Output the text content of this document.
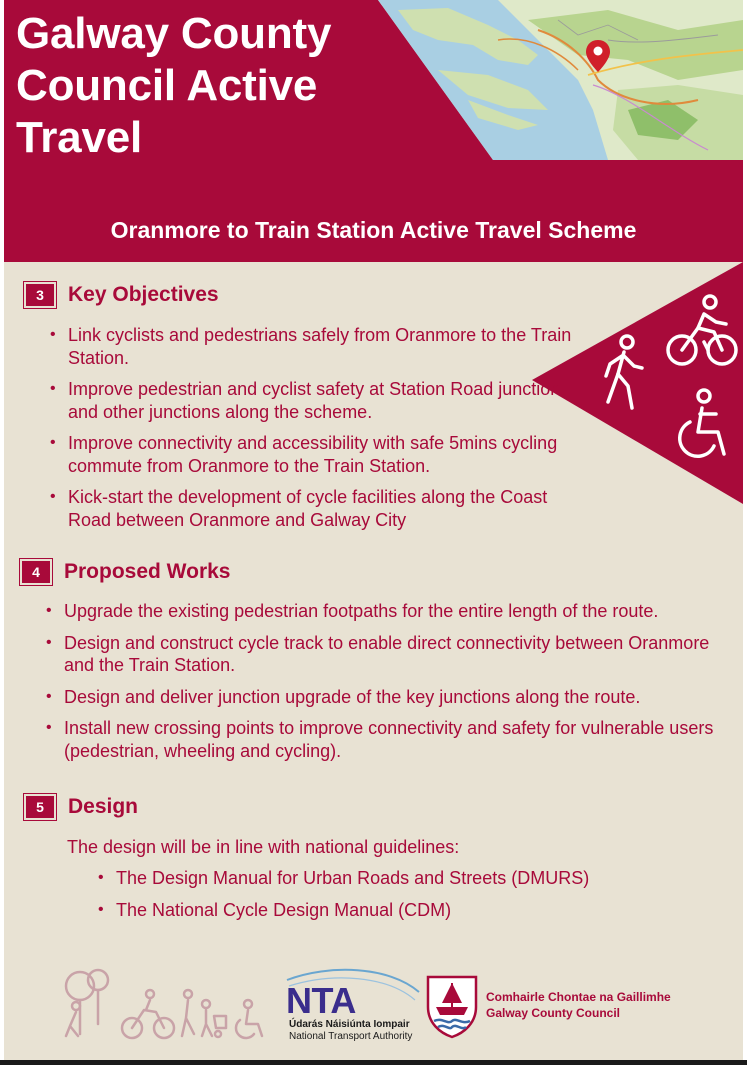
Galway County Council Active Travel
Oranmore to Train Station Active Travel Scheme
3	Key Objectives
• Link cyclists and pedestrians safely from Oranmore to the Train Station.
• Improve pedestrian and cyclist safety at Station Road junction and other junctions along the scheme.
• Improve connectivity and accessibility with safe 5mins cycling commute from Oranmore to the Train Station.
• Kick-start the development of cycle facilities along the Coast Road between Oranmore and Galway City
4	Proposed Works
• Upgrade the existing pedestrian footpaths for the entire length of the route.
• Design and construct cycle track to enable direct connectivity between Oranmore and the Train Station.
• Design and deliver junction upgrade of the key junctions along the route.
• Install new crossing points to improve connectivity and safety for vulnerable users (pedestrian, wheeling and cycling).
5	Design
The design will be in line with national guidelines:
• The Design Manual for Urban Roads and Streets (DMURS)
• The National Cycle Design Manual (CDM)
NTA
Údarás Náisiúnta Iompair
National Transport Authority
Comhairle Chontae na Gaillimhe
Galway County Council
